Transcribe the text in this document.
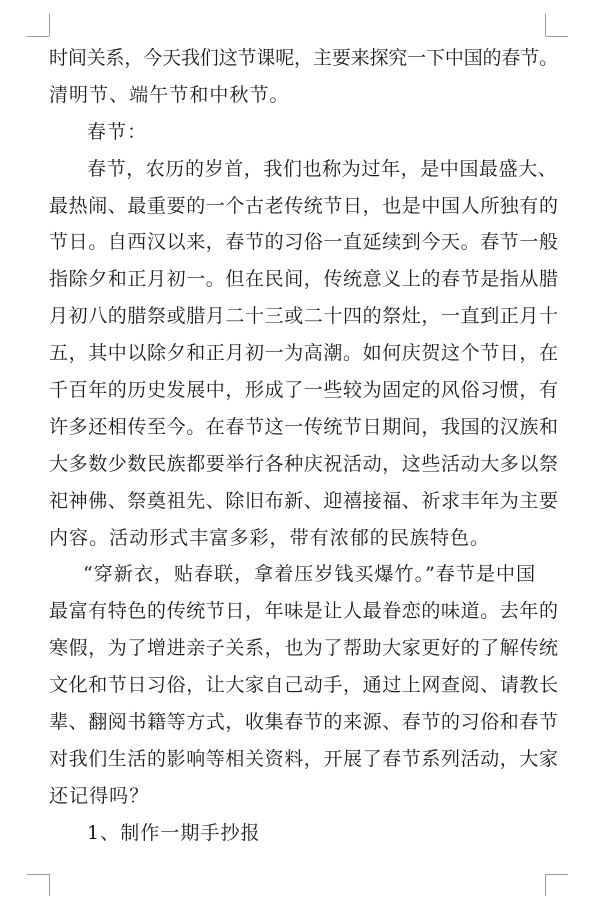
时间关系，今天我们这节课呢，主要来探究一下中国的春节。
清明节、端午节和中秋节。
春节：
春节，农历的岁首，我们也称为过年，是中国最盛大、
最热闹、最重要的一个古老传统节日，也是中国人所独有的
节日。自西汉以来，春节的习俗一直延续到今天。春节一般
指除夕和正月初一。但在民间，传统意义上的春节是指从腊
月初八的腊祭或腊月二十三或二十四的祭灶，一直到正月十
五，其中以除夕和正月初一为高潮。如何庆贺这个节日，在
千百年的历史发展中，形成了一些较为固定的风俗习惯，有
许多还相传至今。在春节这一传统节日期间，我国的汉族和
大多数少数民族都要举行各种庆祝活动，这些活动大多以祭
祀神佛、祭奠祖先、除旧布新、迎禧接福、祈求丰年为主要
内容。活动形式丰富多彩，带有浓郁的民族特色。
“穿新衣，贴春联，拿着压岁钱买爆竹。”春节是中国
最富有特色的传统节日，年味是让人最眷恋的味道。去年的
寒假，为了增进亲子关系，也为了帮助大家更好的了解传统
文化和节日习俗，让大家自己动手，通过上网查阅、请教长
辈、翻阅书籍等方式，收集春节的来源、春节的习俗和春节
对我们生活的影响等相关资料，开展了春节系列活动，大家
还记得吗？
1、制作一期手抄报
